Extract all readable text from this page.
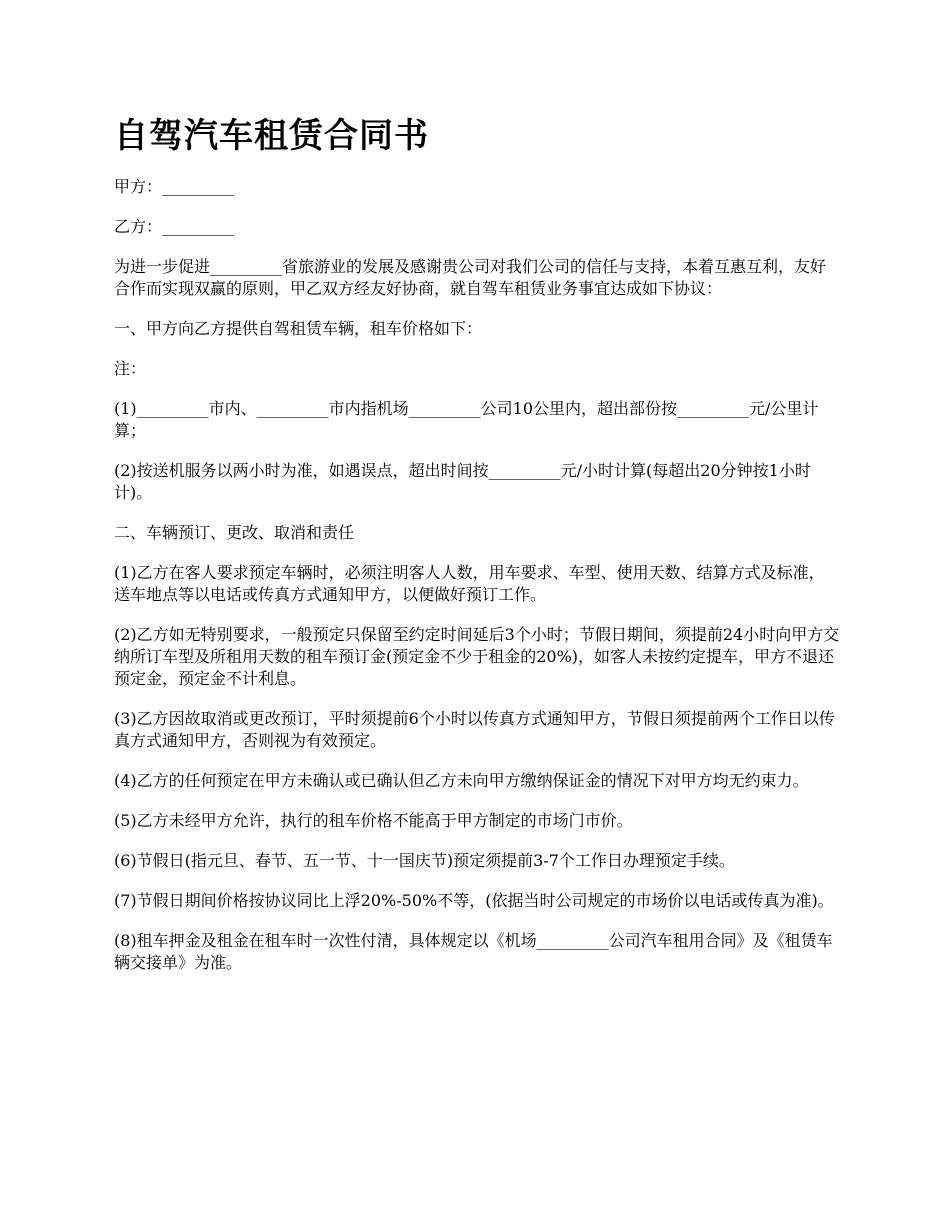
自驾汽车租赁合同书

甲方：_________

乙方：_________

为进一步促进_________省旅游业的发展及感谢贵公司对我们公司的信任与支持，本着互惠互利，友好合作而实现双赢的原则，甲乙双方经友好协商，就自驾车租赁业务事宜达成如下协议：

一、甲方向乙方提供自驾租赁车辆，租车价格如下：

注：

(1)_________市内、_________市内指机场_________公司10公里内，超出部份按_________元/公里计算；

(2)按送机服务以两小时为准，如遇误点，超出时间按_________元/小时计算(每超出20分钟按1小时计)。

二、车辆预订、更改、取消和责任

(1)乙方在客人要求预定车辆时，必须注明客人人数，用车要求、车型、使用天数、结算方式及标准，送车地点等以电话或传真方式通知甲方，以便做好预订工作。

(2)乙方如无特别要求，一般预定只保留至约定时间延后3个小时；节假日期间，须提前24小时向甲方交纳所订车型及所租用天数的租车预订金(预定金不少于租金的20%)，如客人未按约定提车，甲方不退还预定金，预定金不计利息。

(3)乙方因故取消或更改预订，平时须提前6个小时以传真方式通知甲方，节假日须提前两个工作日以传真方式通知甲方，否则视为有效预定。

(4)乙方的任何预定在甲方未确认或已确认但乙方未向甲方缴纳保证金的情况下对甲方均无约束力。

(5)乙方未经甲方允许，执行的租车价格不能高于甲方制定的市场门市价。

(6)节假日(指元旦、春节、五一节、十一国庆节)预定须提前3-7个工作日办理预定手续。

(7)节假日期间价格按协议同比上浮20%-50%不等，(依据当时公司规定的市场价以电话或传真为准)。

(8)租车押金及租金在租车时一次性付清，具体规定以《机场_________公司汽车租用合同》及《租赁车辆交接单》为准。
